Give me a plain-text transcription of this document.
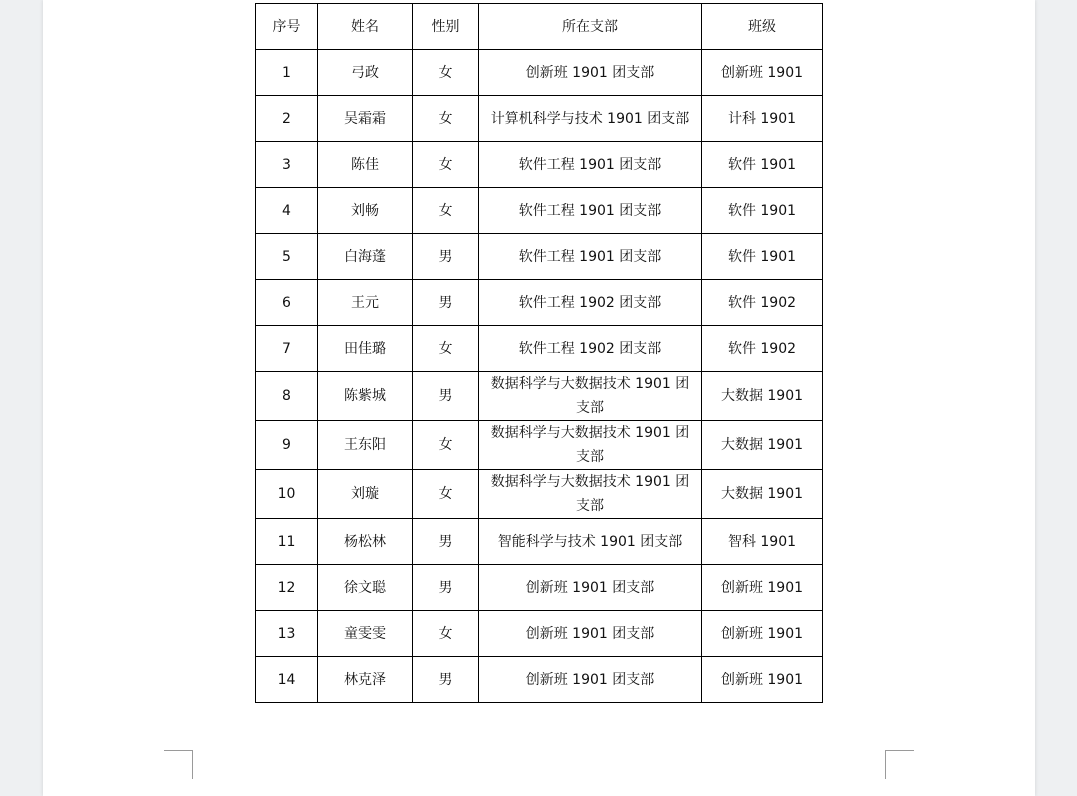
序号	姓名	性别	所在支部	班级
1	弓政	女	创新班 1901 团支部	创新班 1901
2	吴霜霜	女	计算机科学与技术 1901 团支部	计科 1901
3	陈佳	女	软件工程 1901 团支部	软件 1901
4	刘畅	女	软件工程 1901 团支部	软件 1901
5	白海蓬	男	软件工程 1901 团支部	软件 1901
6	王元	男	软件工程 1902 团支部	软件 1902
7	田佳璐	女	软件工程 1902 团支部	软件 1902
8	陈紫城	男	数据科学与大数据技术 1901 团支部	大数据 1901
9	王东阳	女	数据科学与大数据技术 1901 团支部	大数据 1901
10	刘璇	女	数据科学与大数据技术 1901 团支部	大数据 1901
11	杨松林	男	智能科学与技术 1901 团支部	智科 1901
12	徐文聪	男	创新班 1901 团支部	创新班 1901
13	童雯雯	女	创新班 1901 团支部	创新班 1901
14	林克泽	男	创新班 1901 团支部	创新班 1901
